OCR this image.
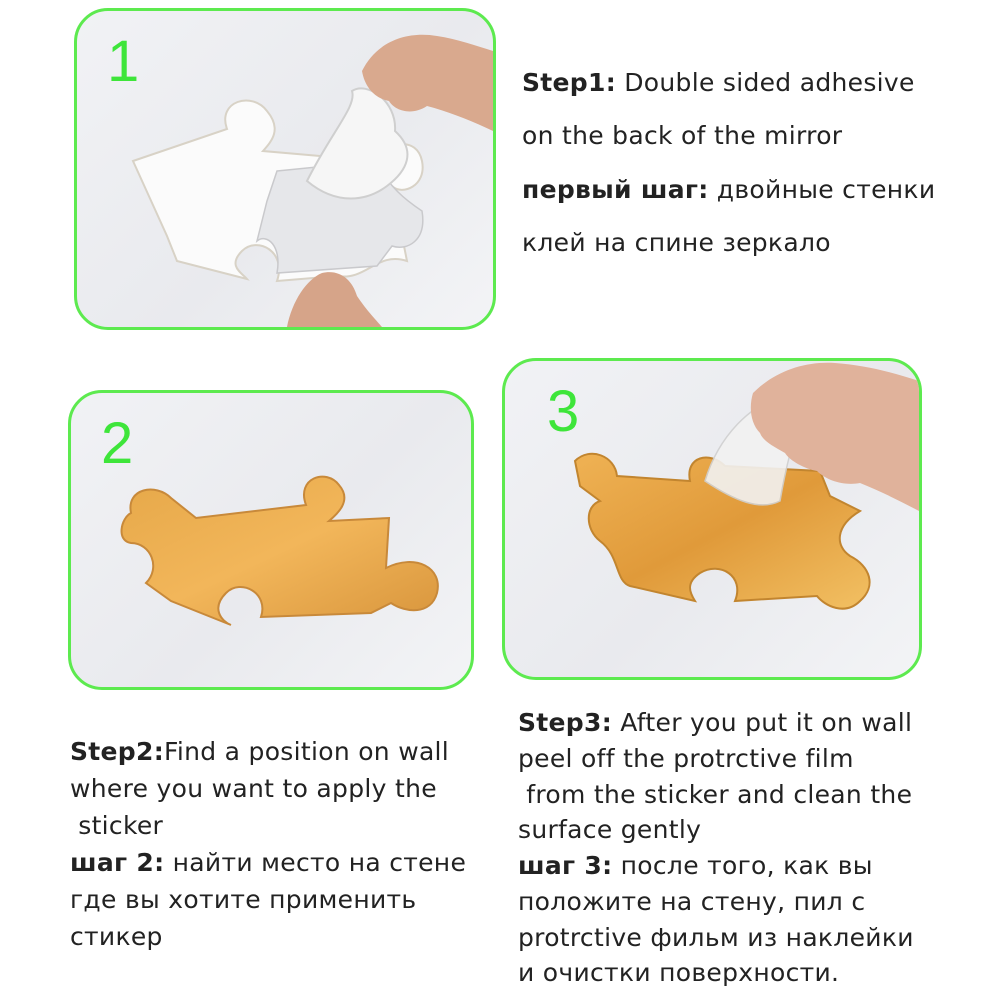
1
2	3

Step1: Double sided adhesive

on the back of the mirror

первый шаг: двойные стенки

клей на спине зеркало

Step2:Find a position on wall

where you want to apply the

sticker

шаг 2: найти место на стене

где вы хотите применить

стикер

Step3: After you put it on wall

peel off the protrctive film

from the sticker and clean the

surface gently

шаг 3: после того, как вы

положите на стену, пил с

protrctive фильм из наклейки

и очистки поверхности.
